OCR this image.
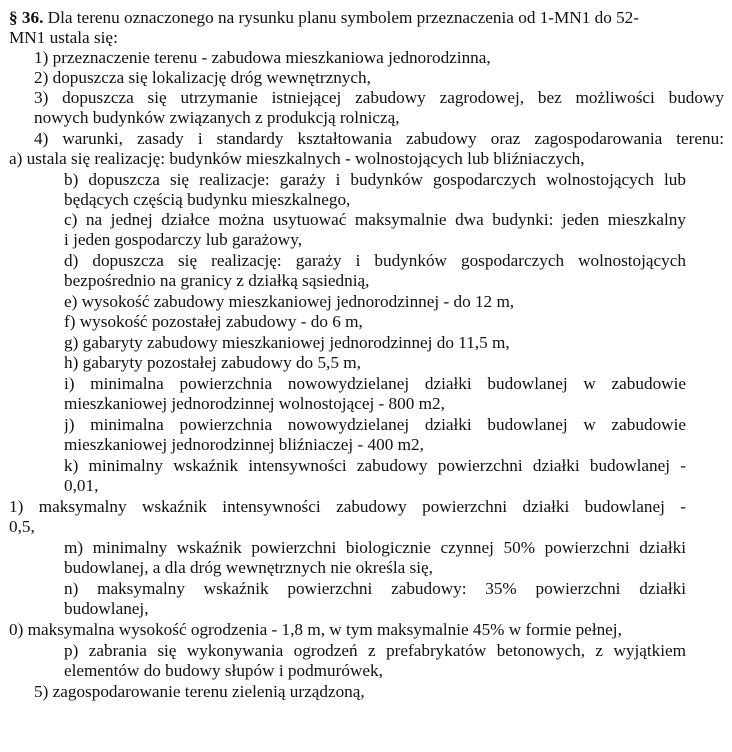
§ 36. Dla terenu oznaczonego na rysunku planu symbolem przeznaczenia od 1-MN1 do 52-
MN1 ustala się:
1) przeznaczenie terenu - zabudowa mieszkaniowa jednorodzinna,
2) dopuszcza się lokalizację dróg wewnętrznych,
3) dopuszcza się utrzymanie istniejącej zabudowy zagrodowej, bez możliwości budowy
nowych budynków związanych z produkcją rolniczą,
4) warunki, zasady i standardy kształtowania zabudowy oraz zagospodarowania terenu:
a) ustala się realizację: budynków mieszkalnych - wolnostojących lub bliźniaczych,
b) dopuszcza się realizacje: garaży i budynków gospodarczych wolnostojących lub
będących częścią budynku mieszkalnego,
c) na jednej działce można usytuować maksymalnie dwa budynki: jeden mieszkalny
i jeden gospodarczy lub garażowy,
d) dopuszcza się realizację: garaży i budynków gospodarczych wolnostojących
bezpośrednio na granicy z działką sąsiednią,
e) wysokość zabudowy mieszkaniowej jednorodzinnej - do 12 m,
f) wysokość pozostałej zabudowy - do 6 m,
g) gabaryty zabudowy mieszkaniowej jednorodzinnej do 11,5 m,
h) gabaryty pozostałej zabudowy do 5,5 m,
i) minimalna powierzchnia nowowydzielanej działki budowlanej w zabudowie
mieszkaniowej jednorodzinnej wolnostojącej - 800 m2,
j) minimalna powierzchnia nowowydzielanej działki budowlanej w zabudowie
mieszkaniowej jednorodzinnej bliźniaczej - 400 m2,
k) minimalny wskaźnik intensywności zabudowy powierzchni działki budowlanej -
0,01,
1) maksymalny wskaźnik intensywności zabudowy powierzchni działki budowlanej -
0,5,
m) minimalny wskaźnik powierzchni biologicznie czynnej 50% powierzchni działki
budowlanej, a dla dróg wewnętrznych nie określa się,
n) maksymalny wskaźnik powierzchni zabudowy: 35% powierzchni działki
budowlanej,
0) maksymalna wysokość ogrodzenia - 1,8 m, w tym maksymalnie 45% w formie pełnej,
p) zabrania się wykonywania ogrodzeń z prefabrykatów betonowych, z wyjątkiem
elementów do budowy słupów i podmurówek,
5) zagospodarowanie terenu zielenią urządzoną,
